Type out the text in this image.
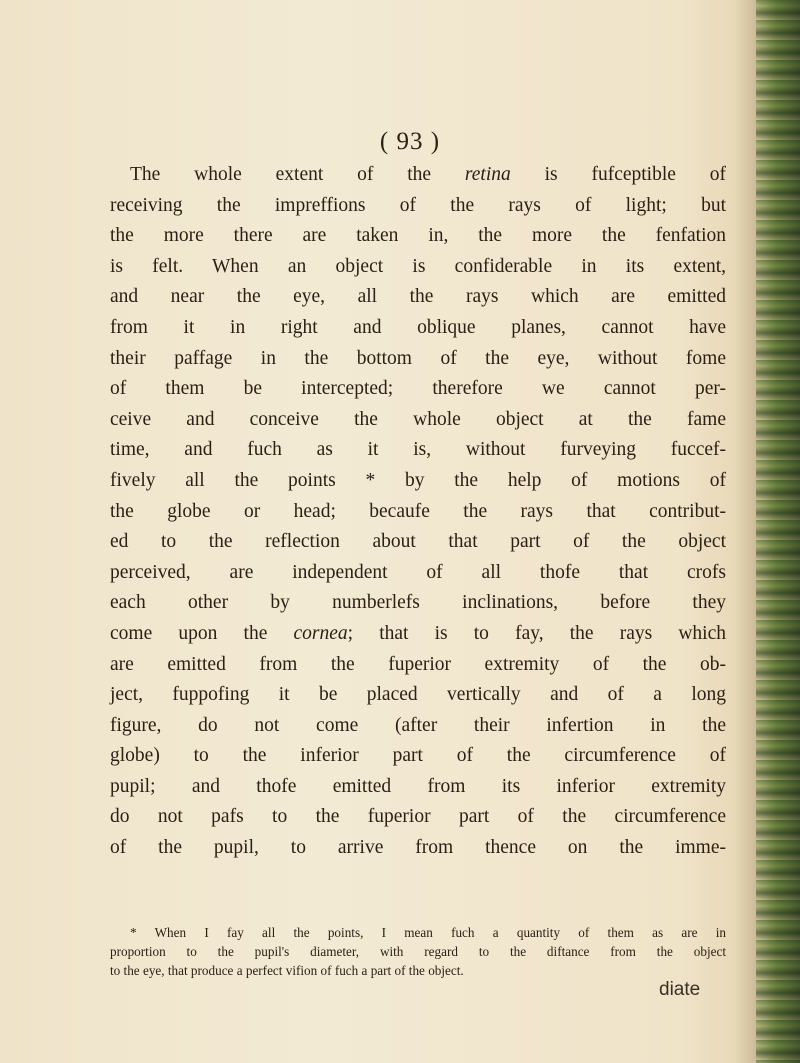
( 93 )
The whole extent of the retina is fufceptible of
receiving the impreffions of the rays of light; but
the more there are taken in, the more the fenfation
is felt. When an object is confiderable in its extent,
and near the eye, all the rays which are emitted
from it in right and oblique planes, cannot have
their paffage in the bottom of the eye, without fome
of them be intercepted; therefore we cannot per-
ceive and conceive the whole object at the fame
time, and fuch as it is, without furveying fuccef-
fively all the points * by the help of motions of
the globe or head; becaufe the rays that contribut-
ed to the reflection about that part of the object
perceived, are independent of all thofe that crofs
each other by numberlefs inclinations, before they
come upon the cornea; that is to fay, the rays which
are emitted from the fuperior extremity of the ob-
ject, fuppofing it be placed vertically and of a long
figure, do not come (after their infertion in the
globe) to the inferior part of the circumference of
pupil; and thofe emitted from its inferior extremity
do not pafs to the fuperior part of the circumference
of the pupil, to arrive from thence on the imme-
* When I fay all the points, I mean fuch a quantity of them as are in
proportion to the pupil's diameter, with regard to the diftance from the object
to the eye, that produce a perfect vifion of fuch a part of the object.
diate
